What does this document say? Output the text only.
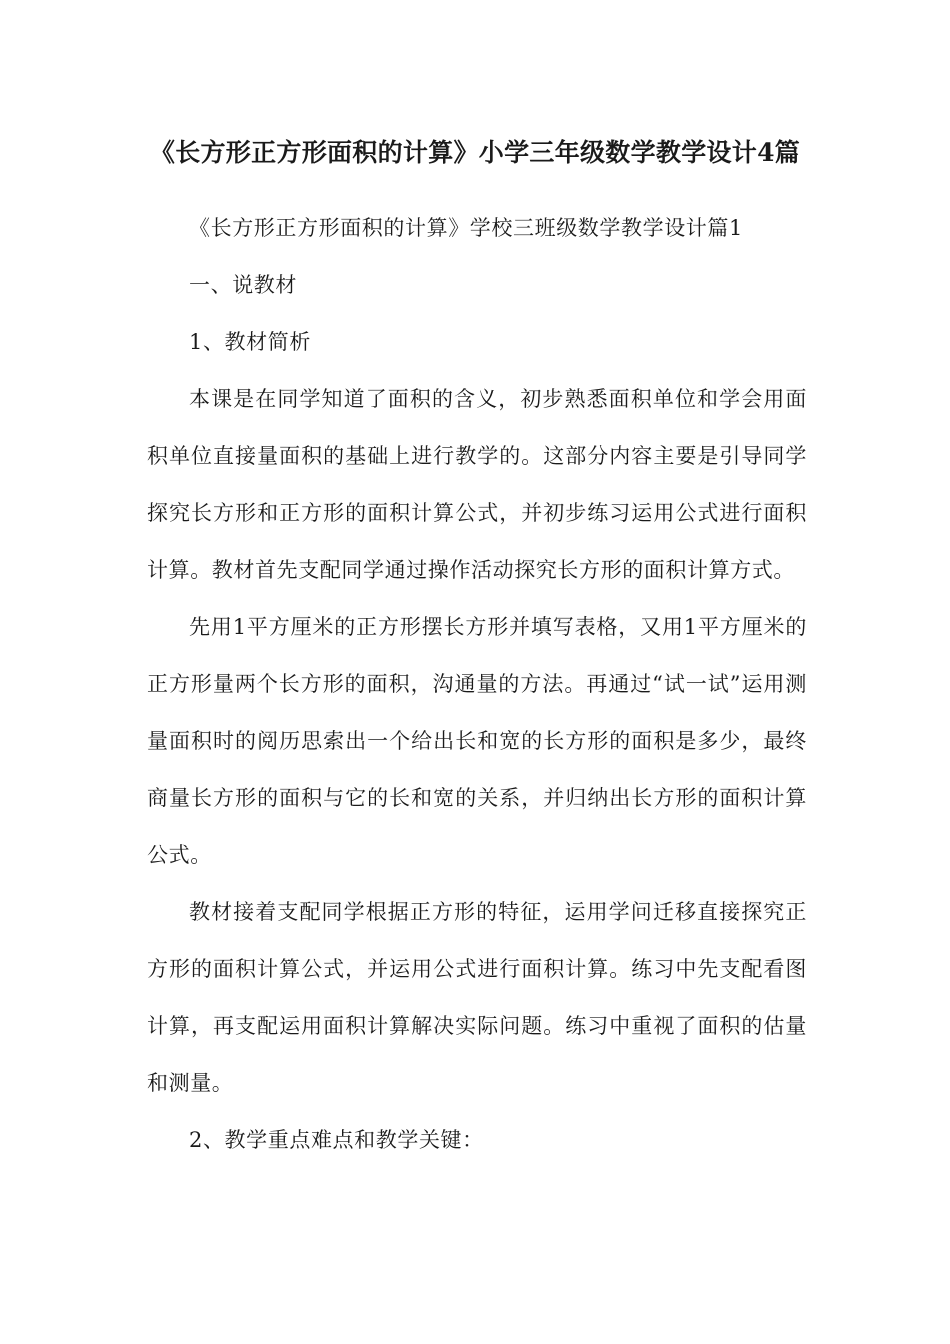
《长方形正方形面积的计算》小学三年级数学教学设计4篇

《长方形正方形面积的计算》学校三班级数学教学设计篇1

一、说教材

1、教材简析

本课是在同学知道了面积的含义，初步熟悉面积单位和学会用面积单位直接量面积的基础上进行教学的。这部分内容主要是引导同学探究长方形和正方形的面积计算公式，并初步练习运用公式进行面积计算。教材首先支配同学通过操作活动探究长方形的面积计算方式。

先用1平方厘米的正方形摆长方形并填写表格，又用1平方厘米的正方形量两个长方形的面积，沟通量的方法。再通过“试一试”运用测量面积时的阅历思索出一个给出长和宽的长方形的面积是多少，最终商量长方形的面积与它的长和宽的关系，并归纳出长方形的面积计算公式。

教材接着支配同学根据正方形的特征，运用学问迁移直接探究正方形的面积计算公式，并运用公式进行面积计算。练习中先支配看图计算，再支配运用面积计算解决实际问题。练习中重视了面积的估量和测量。

2、教学重点难点和教学关键：
